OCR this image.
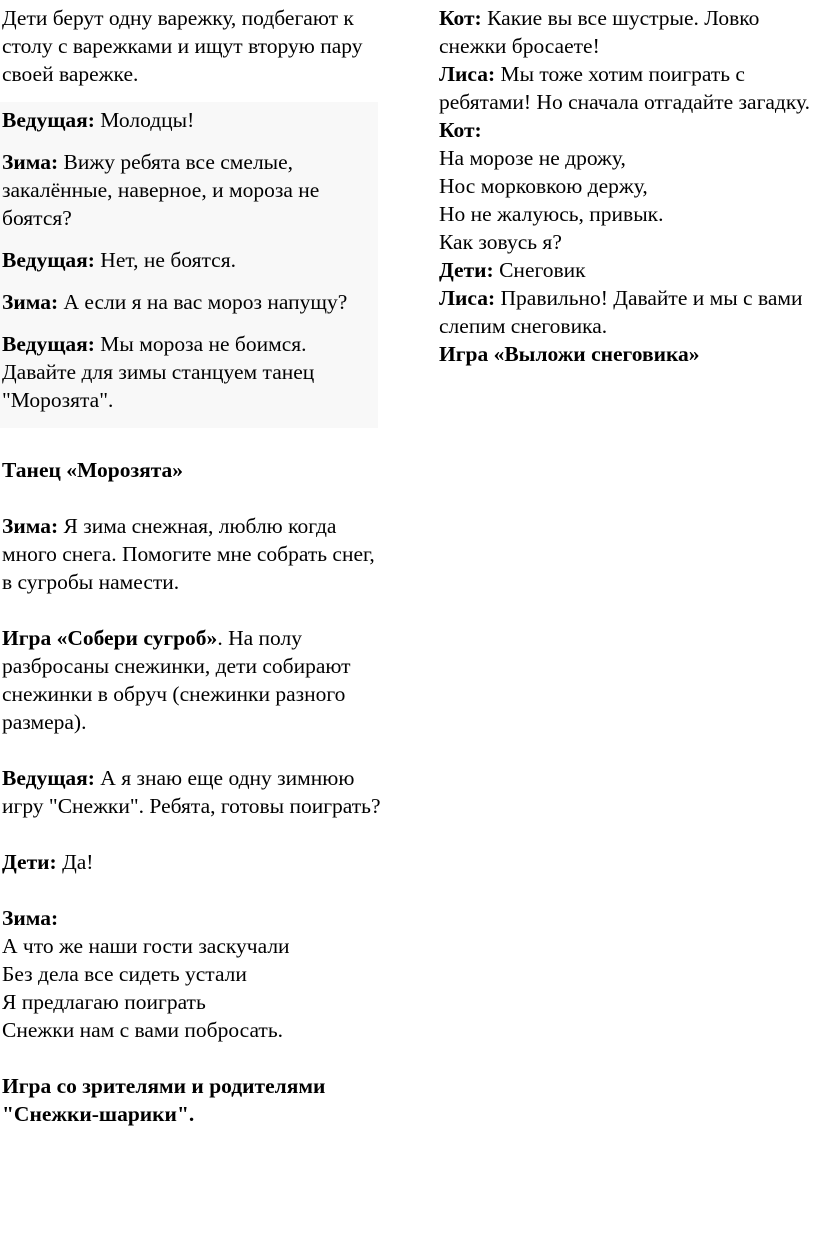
Дети берут одну варежку, подбегают к столу с варежками и ищут вторую пару своей варежке.

Ведущая: Молодцы!

Зима: Вижу ребята все смелые, закалённые, наверное, и мороза не боятся?

Ведущая: Нет, не боятся.

Зима: А если я на вас мороз напущу?

Ведущая: Мы мороза не боимся. Давайте для зимы станцуем танец "Морозята".

Танец «Морозята»

Зима: Я зима снежная, люблю когда много снега. Помогите мне собрать снег, в сугробы намести.

Игра «Собери сугроб». На полу разбросаны снежинки, дети собирают снежинки в обруч (снежинки разного размера).

Ведущая: А я знаю еще одну зимнюю игру "Снежки". Ребята, готовы поиграть?

Дети: Да!

Зима:

А что же наши гости заскучали

Без дела все сидеть устали

Я предлагаю поиграть

Снежки нам с вами побросать.

Игра со зрителями и родителями "Снежки-шарики".

Кот: Какие вы все шустрые. Ловко снежки бросаете!

Лиса: Мы тоже хотим поиграть с ребятами! Но сначала отгадайте загадку.

Кот:

На морозе не дрожу,

Нос морковкою держу,

Но не жалуюсь, привык.

Как зовусь я?

Дети: Снеговик

Лиса: Правильно! Давайте и мы с вами слепим снеговика.

Игра «Выложи снеговика»
